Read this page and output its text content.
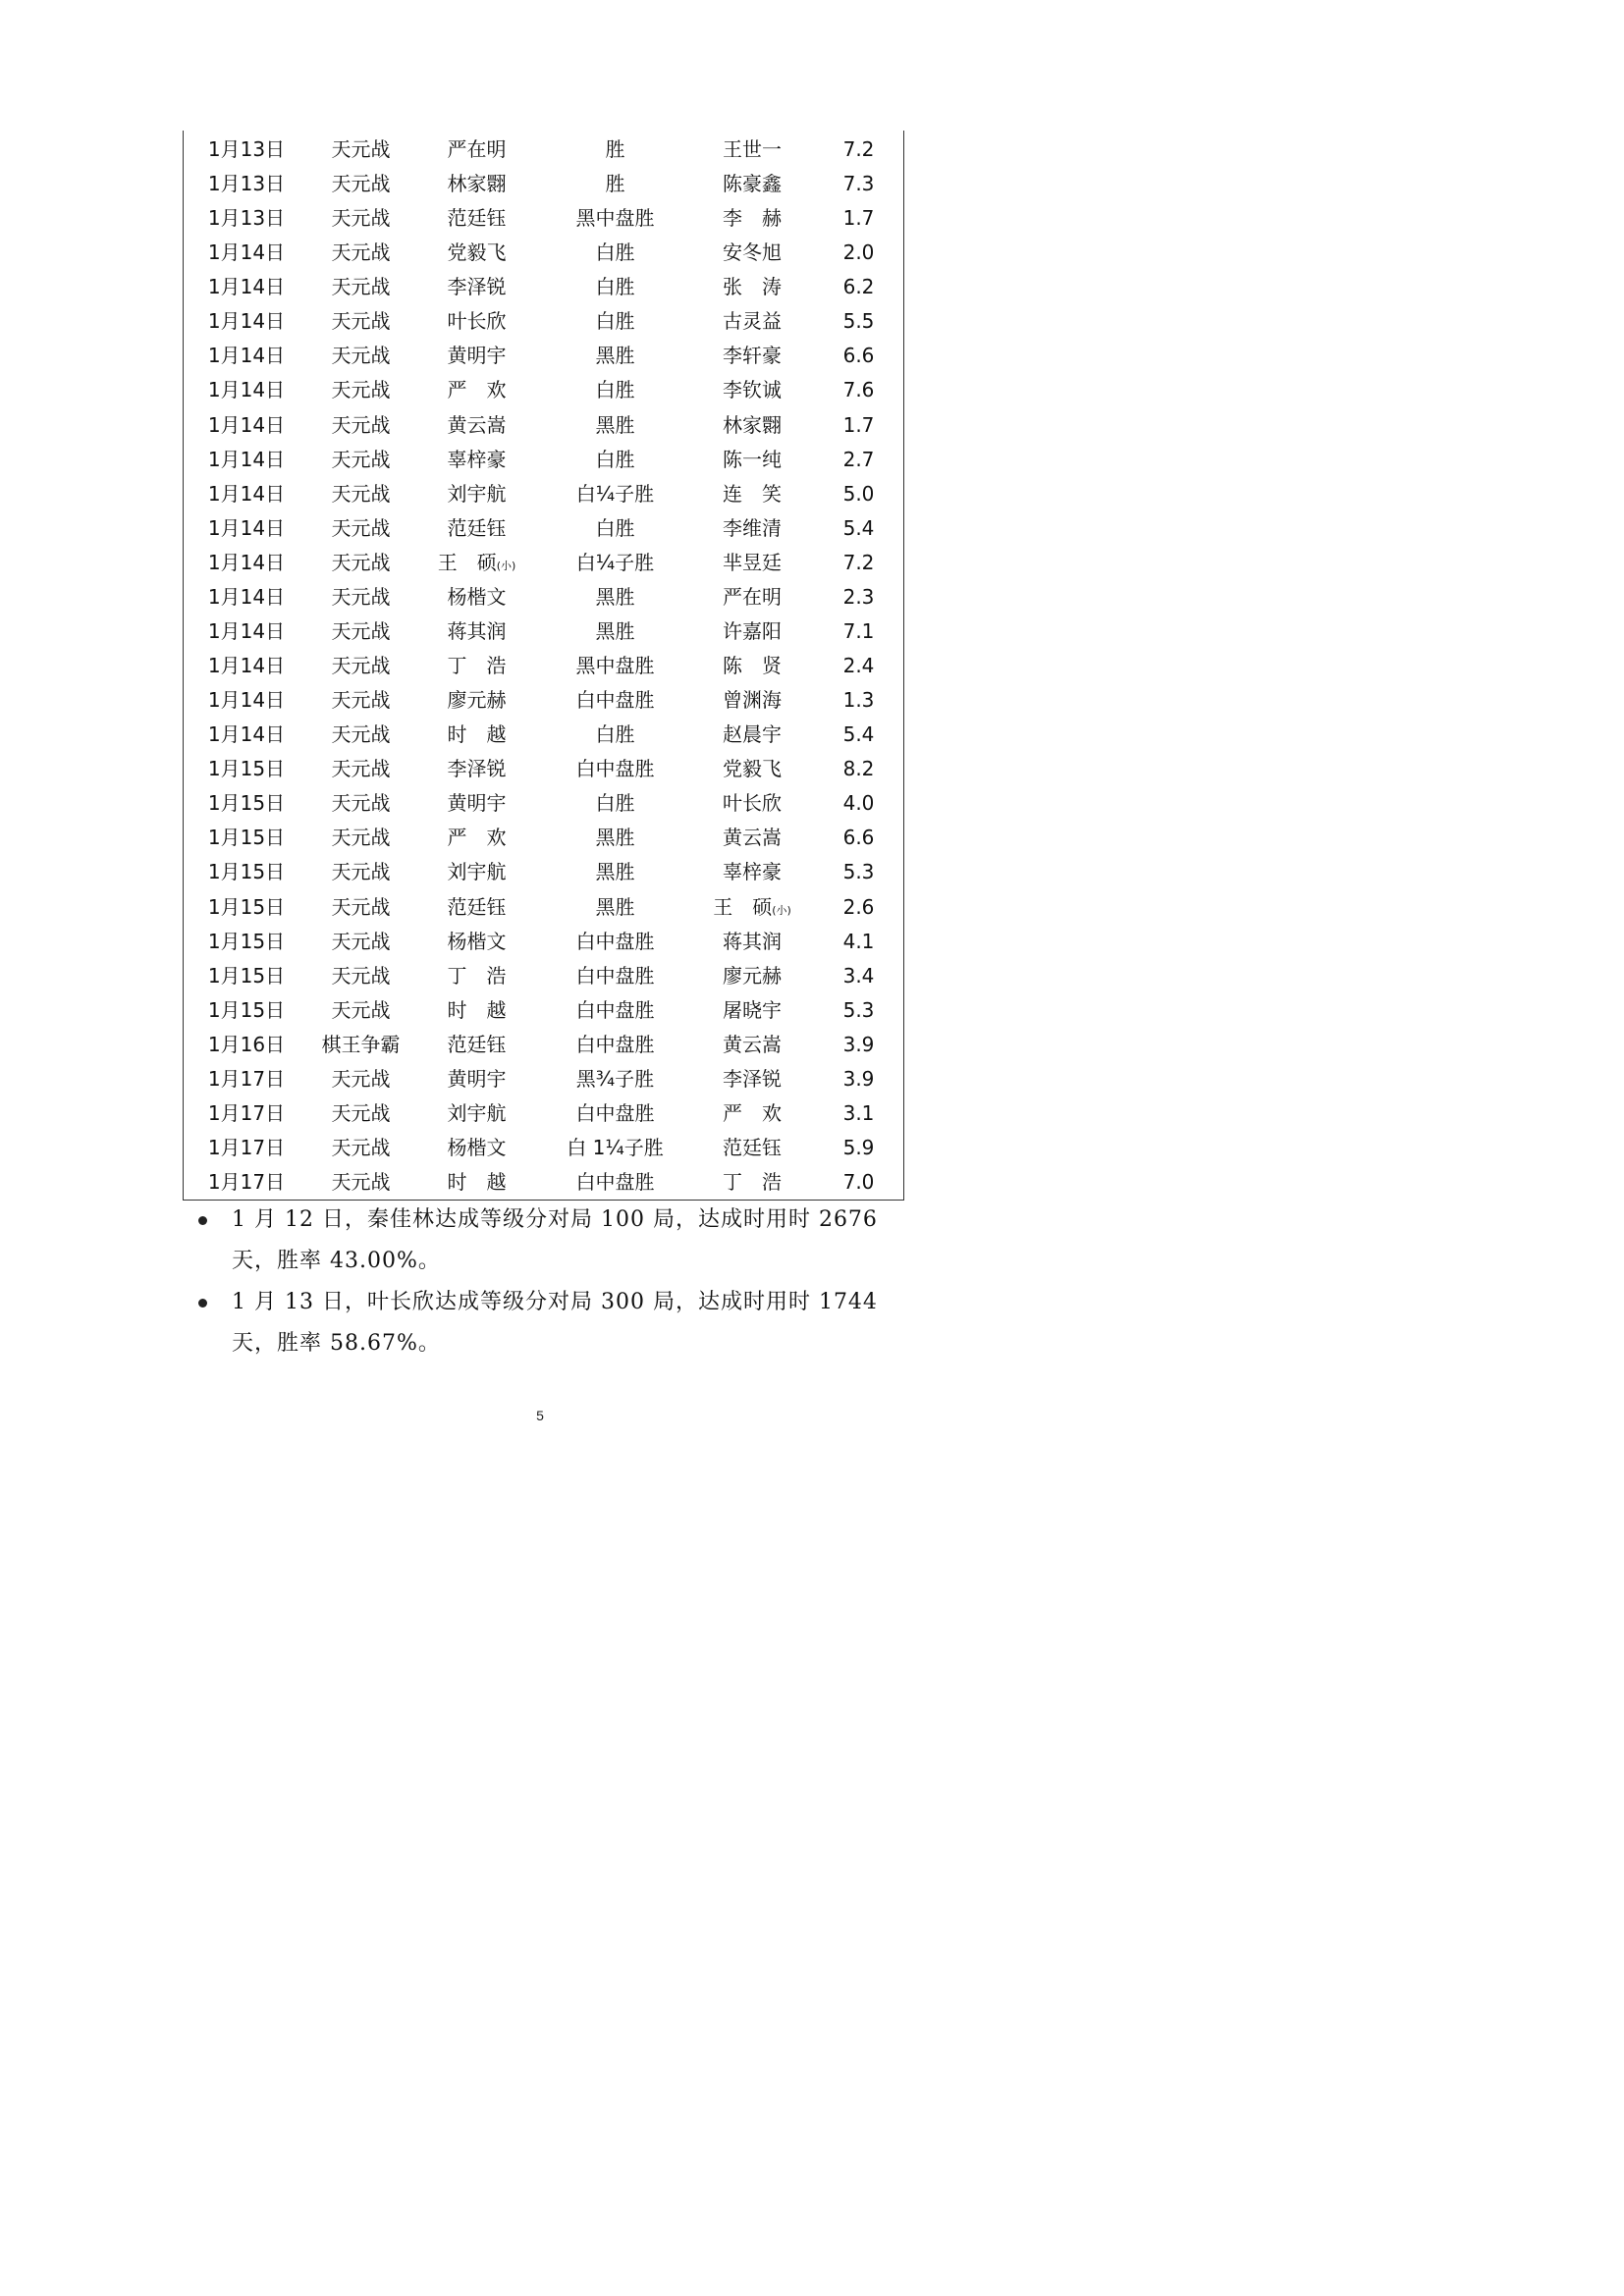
1月13日	天元战	严在明	胜	王世一	7.2
1月13日	天元战	林家翾	胜	陈豪鑫	7.3
1月13日	天元战	范廷钰	黑中盘胜	李　赫	1.7
1月14日	天元战	党毅飞	白胜	安冬旭	2.0
1月14日	天元战	李泽锐	白胜	张　涛	6.2
1月14日	天元战	叶长欣	白胜	古灵益	5.5
1月14日	天元战	黄明宇	黑胜	李轩豪	6.6
1月14日	天元战	严　欢	白胜	李钦诚	7.6
1月14日	天元战	黄云嵩	黑胜	林家翾	1.7
1月14日	天元战	辜梓豪	白胜	陈一纯	2.7
1月14日	天元战	刘宇航	白¼子胜	连　笑	5.0
1月14日	天元战	范廷钰	白胜	李维清	5.4
1月14日	天元战	王　硕(小)	白¼子胜	芈昱廷	7.2
1月14日	天元战	杨楷文	黑胜	严在明	2.3
1月14日	天元战	蒋其润	黑胜	许嘉阳	7.1
1月14日	天元战	丁　浩	黑中盘胜	陈　贤	2.4
1月14日	天元战	廖元赫	白中盘胜	曾渊海	1.3
1月14日	天元战	时　越	白胜	赵晨宇	5.4
1月15日	天元战	李泽锐	白中盘胜	党毅飞	8.2
1月15日	天元战	黄明宇	白胜	叶长欣	4.0
1月15日	天元战	严　欢	黑胜	黄云嵩	6.6
1月15日	天元战	刘宇航	黑胜	辜梓豪	5.3
1月15日	天元战	范廷钰	黑胜	王　硕(小)	2.6
1月15日	天元战	杨楷文	白中盘胜	蒋其润	4.1
1月15日	天元战	丁　浩	白中盘胜	廖元赫	3.4
1月15日	天元战	时　越	白中盘胜	屠晓宇	5.3
1月16日	棋王争霸	范廷钰	白中盘胜	黄云嵩	3.9
1月17日	天元战	黄明宇	黑¾子胜	李泽锐	3.9
1月17日	天元战	刘宇航	白中盘胜	严　欢	3.1
1月17日	天元战	杨楷文	白 1¼子胜	范廷钰	5.9
1月17日	天元战	时　越	白中盘胜	丁　浩	7.0
1 月 12 日，秦佳林达成等级分对局 100 局，达成时用时 2676
天，胜率 43.00%。
1 月 13 日，叶长欣达成等级分对局 300 局，达成时用时 1744
天，胜率 58.67%。
5
